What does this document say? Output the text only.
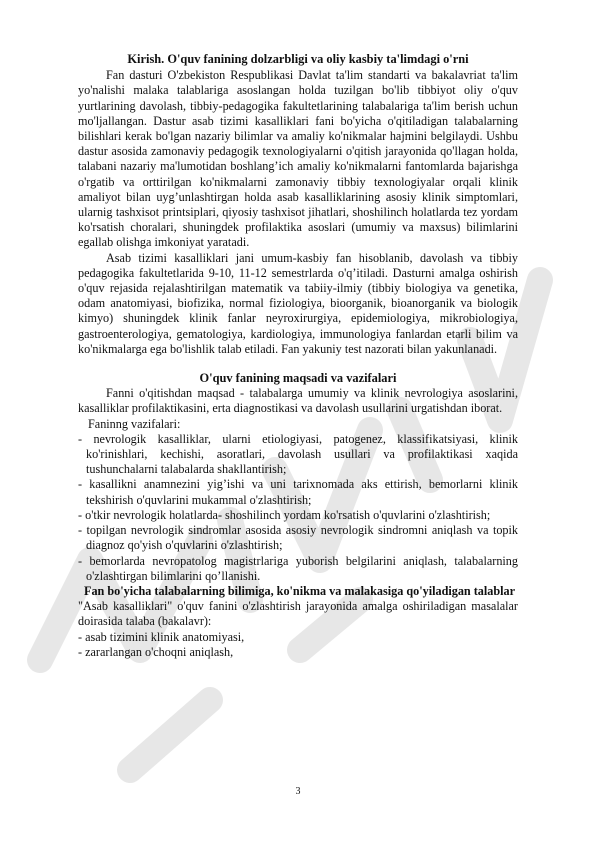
Kirish. O'quv fanining dolzarbligi va oliy kasbiy ta'limdagi o'rni

Fan dasturi O'zbekiston Respublikasi Davlat ta'lim standarti va bakalavriat ta'lim yo'nalishi malaka talablariga asoslangan holda tuzilgan bo'lib tibbiyot oliy o'quv yurtlarining davolash, tibbiy-pedagogika fakultetlarining talabalariga ta'lim berish uchun mo'ljallangan. Dastur asab tizimi kasalliklari fani bo'yicha o'qitiladigan talabalarning bilishlari kerak bo'lgan nazariy bilimlar va amaliy ko'nikmalar hajmini belgilaydi. Ushbu dastur asosida zamonaviy pedagogik texnologiyalarni o'qitish jarayonida qo'llagan holda, talabani nazariy ma'lumotidan boshlang’ich amaliy ko'nikmalarni fantomlarda bajarishga o'rgatib va orttirilgan ko'nikmalarni zamonaviy tibbiy texnologiyalar orqali klinik amaliyot bilan uyg’unlashtirgan holda asab kasalliklarining asosiy klinik simptomlari, ularnig tashxisot printsiplari, qiyosiy tashxisot jihatlari, shoshilinch holatlarda tez yordam ko'rsatish choralari, shuningdek profilaktika asoslari (umumiy va maxsus) bilimlarini egallab olishga imkoniyat yaratadi.

Asab tizimi kasalliklari jani umum-kasbiy fan hisoblanib, davolash va tibbiy pedagogika fakultetlarida 9-10, 11-12 semestrlarda o'q’itiladi. Dasturni amalga oshirish o'quv rejasida rejalashtirilgan matematik va tabiiy-ilmiy (tibbiy biologiya va genetika, odam anatomiyasi, biofizika, normal fiziologiya, bioorganik, bioanorganik va biologik kimyo) shuningdek klinik fanlar neyroxirurgiya, epidemiologiya, mikrobiologiya, gastroenterologiya, gematologiya, kardiologiya, immunologiya fanlardan etarli bilim va ko'nikmalarga ega bo'lishlik talab etiladi. Fan yakuniy test nazorati bilan yakunlanadi.

O'quv fanining maqsadi va vazifalari

Fanni o'qitishdan maqsad - talabalarga umumiy va klinik nevrologiya asoslarini, kasalliklar profilaktikasini, erta diagnostikasi va davolash usullarini urgatishdan iborat.

Faninng vazifalari:

- nevrologik kasalliklar, ularni etiologiyasi, patogenez, klassifikatsiyasi, klinik ko'rinishlari, kechishi, asoratlari, davolash usullari va profilaktikasi xaqida tushunchalarni talabalarda shakllantirish;

- kasallikni anamnezini yig’ishi va uni tarixnomada aks ettirish, bemorlarni klinik tekshirish o'quvlarini mukammal o'zlashtirish;

- o'tkir nevrologik holatlarda- shoshilinch yordam ko'rsatish o'quvlarini o'zlashtirish;

- topilgan nevrologik sindromlar asosida asosiy nevrologik sindromni aniqlash va topik diagnoz qo'yish o'quvlarini o'zlashtirish;

- bemorlarda nevropatolog magistrlariga yuborish belgilarini aniqlash, talabalarning o'zlashtirgan bilimlarini qo’llanishi.

Fan bo'yicha talabalarning bilimiga, ko'nikma va malakasiga qo'yiladigan talablar

"Asab kasalliklari" o'quv fanini o'zlashtirish jarayonida amalga oshiriladigan masalalar doirasida talaba (bakalavr):

- asab tizimini klinik anatomiyasi,

- zararlangan o'choqni aniqlash,

3
